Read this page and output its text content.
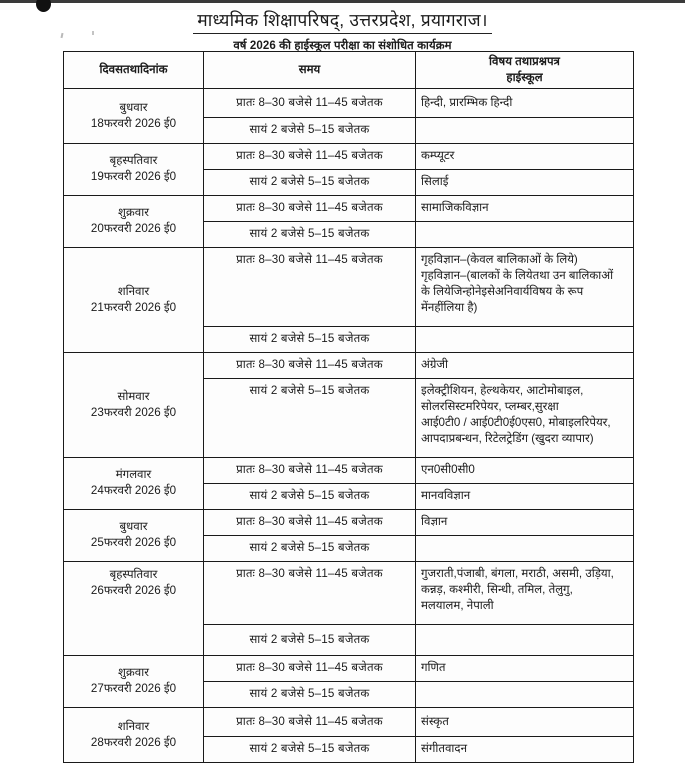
माध्यमिक शिक्षापरिषद्, उत्तरप्रदेश, प्रयागराज।
वर्ष 2026 की हाईस्कूल परीक्षा का संशोधित कार्यक्रम
दिवसतथादिनांक	समय	विषय तथाप्रश्नपत्र
हाईस्कूल

बुधवार
18फरवरी 2026 ई0	प्रातः 8–30 बजेसे 11–45 बजेतक	हिन्दी, प्रारम्भिक हिन्दी
	सायं 2 बजेसे 5–15 बजेतक	

बृहस्पतिवार
19फरवरी 2026 ई0	प्रातः 8–30 बजेसे 11–45 बजेतक	कम्प्यूटर
	सायं 2 बजेसे 5–15 बजेतक	सिलाई

शुक्रवार
20फरवरी 2026 ई0	प्रातः 8–30 बजेसे 11–45 बजेतक	सामाजिकविज्ञान
	सायं 2 बजेसे 5–15 बजेतक	

शनिवार
21फरवरी 2026 ई0	प्रातः 8–30 बजेसे 11–45 बजेतक	गृहविज्ञान–(केवल बालिकाओं के लिये)
गृहविज्ञान–(बालकों के लियेतथा उन बालिकाओं
के लियेजिन्होनेइसेअनिवार्यविषय के रूप
मेंनहींलिया है)

	सायं 2 बजेसे 5–15 बजेतक	

सोमवार
23फरवरी 2026 ई0	प्रातः 8–30 बजेसे 11–45 बजेतक	अंग्रेजी
	सायं 2 बजेसे 5–15 बजेतक	इलेक्ट्रीशियन, हेल्थकेयर, आटोमोबाइल,
सोलरसिस्टमरिपेयर, प्लम्बर,सुरक्षा
आई0टी0 / आई0टी0ई0एस0, मोबाइलरिपेयर,
आपदाप्रबन्धन, रिटेलट्रेडिंग (खुदरा व्यापार)

मंगलवार
24फरवरी 2026 ई0	प्रातः 8–30 बजेसे 11–45 बजेतक	एन0सी0सी0
	सायं 2 बजेसे 5–15 बजेतक	मानवविज्ञान

बुधवार
25फरवरी 2026 ई0	प्रातः 8–30 बजेसे 11–45 बजेतक	विज्ञान
	सायं 2 बजेसे 5–15 बजेतक	

बृहस्पतिवार
26फरवरी 2026 ई0	प्रातः 8–30 बजेसे 11–45 बजेतक	गुजराती,पंजाबी, बंगला, मराठी, असमी, उड़िया,
कन्नड़, कश्मीरी, सिन्धी, तमिल, तेलुगु,
मलयालम, नेपाली

	सायं 2 बजेसे 5–15 बजेतक	

शुक्रवार
27फरवरी 2026 ई0	प्रातः 8–30 बजेसे 11–45 बजेतक	गणित
	सायं 2 बजेसे 5–15 बजेतक	

शनिवार
28फरवरी 2026 ई0	प्रातः 8–30 बजेसे 11–45 बजेतक	संस्कृत
	सायं 2 बजेसे 5–15 बजेतक	संगीतवादन
